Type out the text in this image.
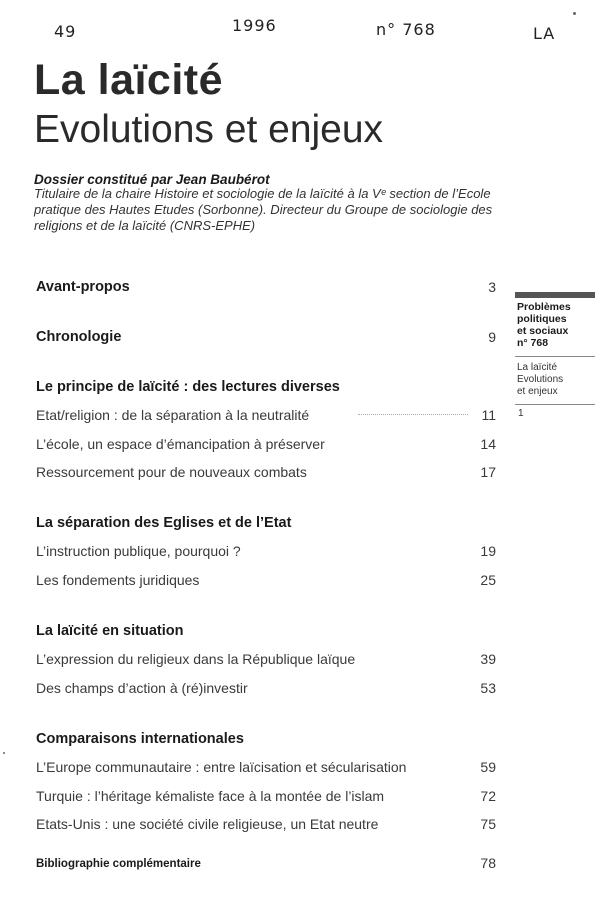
49	1996	n° 768	LA
La laïcité
Evolutions et enjeux
Dossier constitué par Jean Baubérot
Titulaire de la chaire Histoire et sociologie de la laïcité à la Vᵉ section de l’Ecole pratique des Hautes Etudes (Sorbonne). Directeur du Groupe de sociologie des religions et de la laïcité (CNRS-EPHE)
Avant-propos	3
Chronologie	9
Le principe de laïcité : des lectures diverses
Etat/religion : de la séparation à la neutralité	11
L’école, un espace d’émancipation à préserver	14
Ressourcement pour de nouveaux combats	17
La séparation des Eglises et de l’Etat
L’instruction publique, pourquoi ?	19
Les fondements juridiques	25
La laïcité en situation
L’expression du religieux dans la République laïque	39
Des champs d’action à (ré)investir	53
Comparaisons internationales
L’Europe communautaire : entre laïcisation et sécularisation	59
Turquie : l’héritage kémaliste face à la montée de l’islam	72
Etats-Unis : une société civile religieuse, un Etat neutre	75
Bibliographie complémentaire	78
Problèmes
politiques
et sociaux
n° 768
La laïcité
Evolutions
et enjeux
1
